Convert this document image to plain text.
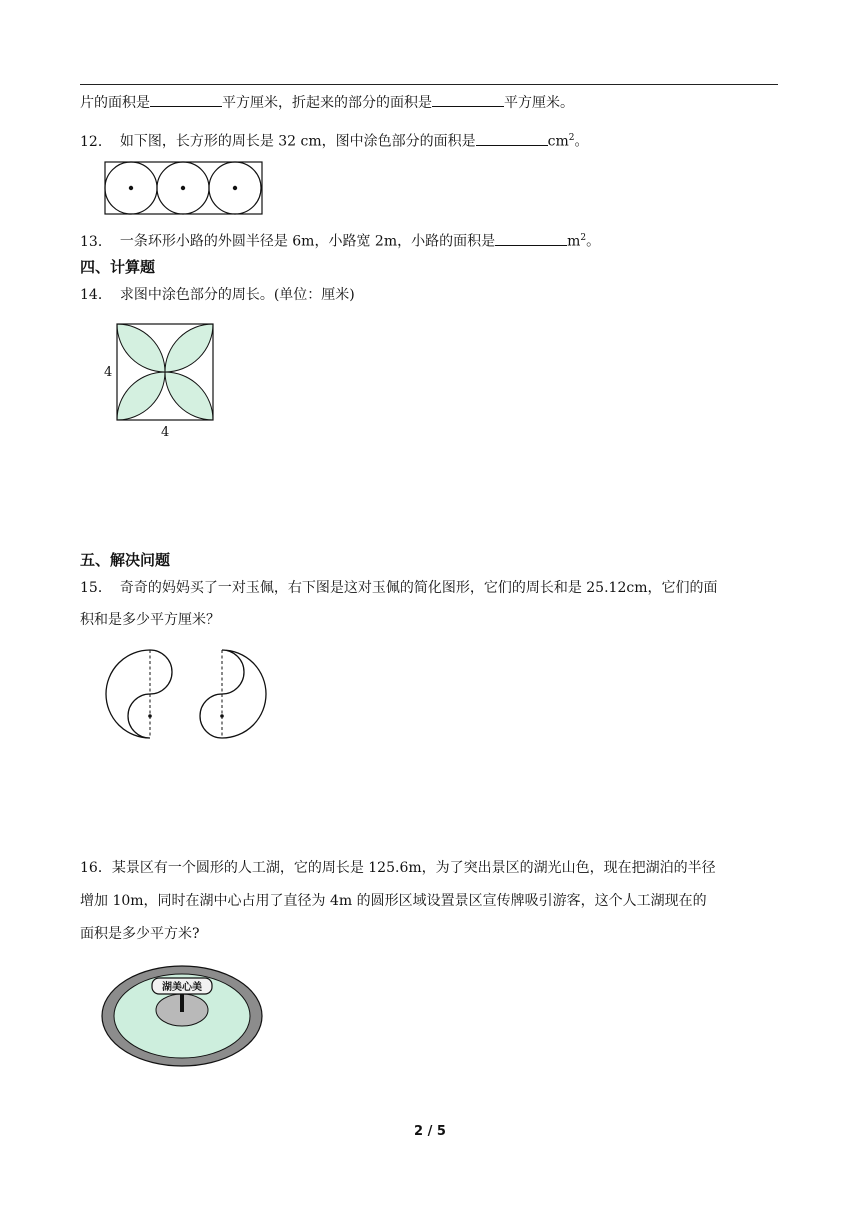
片的面积是	平方厘米，折起来的部分的面积是	平方厘米。
12． 如下图，长方形的周长是 32 cm，图中涂色部分的面积是	$cm^2$。
13． 一条环形小路的外圆半径是 6m，小路宽 2m，小路的面积是	$m^2$。
四、计算题
14． 求图中涂色部分的周长。(单位：厘米)
4
4
五、解决问题
15． 奇奇的妈妈买了一对玉佩，右下图是这对玉佩的简化图形，它们的周长和是 25.12cm，它们的面
积和是多少平方厘米？
16．某景区有一个圆形的人工湖，它的周长是 125.6m，为了突出景区的湖光山色，现在把湖泊的半径
增加 10m，同时在湖中心占用了直径为 4m 的圆形区域设置景区宣传牌吸引游客，这个人工湖现在的
面积是多少平方米?
湖美心美
2 / 5
